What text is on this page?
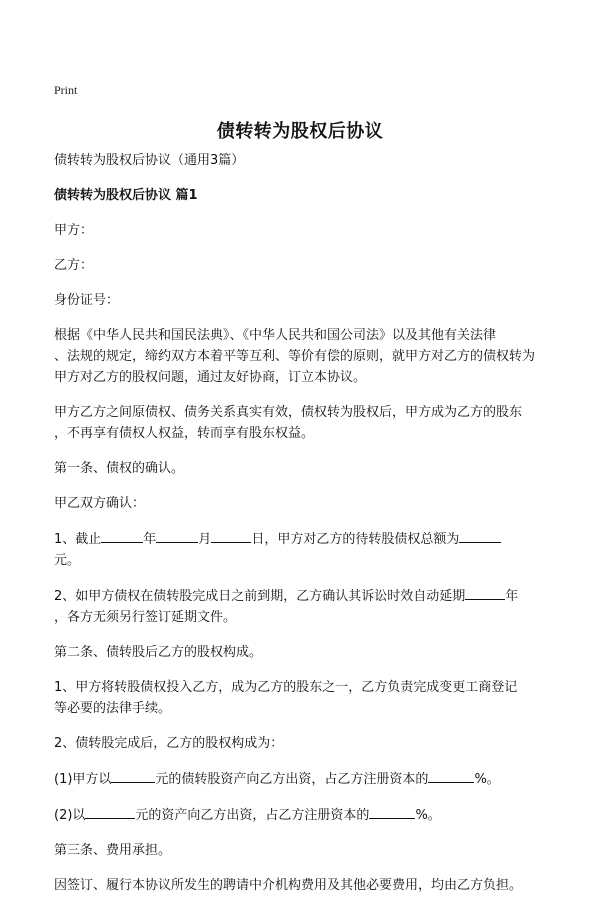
Print
债转转为股权后协议

债转转为股权后协议（通用3篇）

债转转为股权后协议 篇1

甲方：

乙方：

身份证号：

根据《中华人民共和国民法典》、《中华人民共和国公司法》以及其他有关法律

、法规的规定，缔约双方本着平等互利、等价有偿的原则，就甲方对乙方的债权转为

甲方对乙方的股权问题，通过友好协商，订立本协议。

甲方乙方之间原债权、债务关系真实有效，债权转为股权后，甲方成为乙方的股东

，不再享有债权人权益，转而享有股东权益。

第一条、债权的确认。

甲乙双方确认：

1、截止	年	月	日，甲方对乙方的待转股债权总额为

元。

2、如甲方债权在债转股完成日之前到期，乙方确认其诉讼时效自动延期	年

，各方无须另行签订延期文件。

第二条、债转股后乙方的股权构成。

1、甲方将转股债权投入乙方，成为乙方的股东之一，乙方负责完成变更工商登记

等必要的法律手续。

2、债转股完成后，乙方的股权构成为：

(1)甲方以	元的债转股资产向乙方出资，占乙方注册资本的	%。

(2)以	元的资产向乙方出资，占乙方注册资本的	%。

第三条、费用承担。

因签订、履行本协议所发生的聘请中介机构费用及其他必要费用，均由乙方负担。
